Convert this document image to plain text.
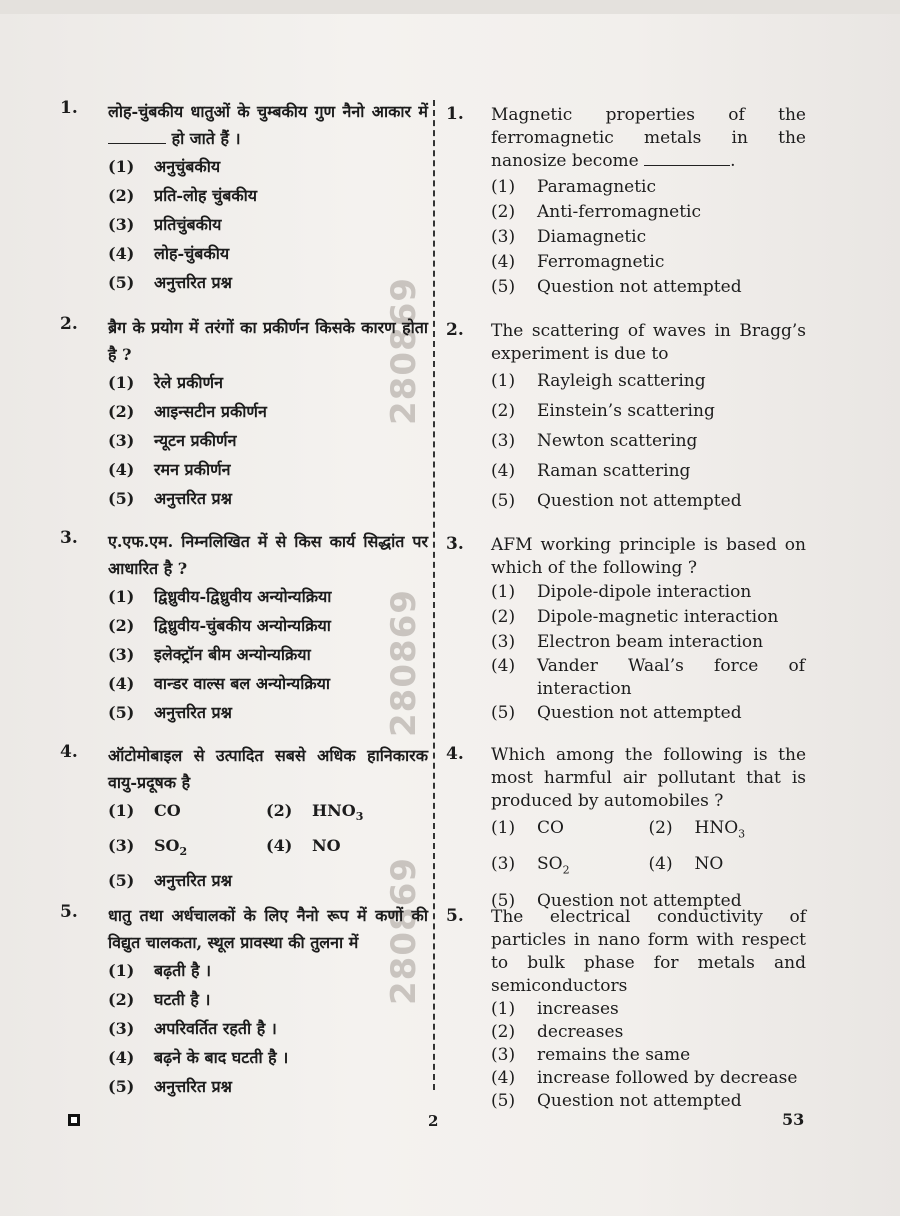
280869
280869
280869
1. लोह-चुंबकीय धातुओं के चुम्बकीय गुण नैनो आकार में  हो जाते हैं ।
(1)	अनुचुंबकीय
(2)	प्रति-लोह चुंबकीय
(3)	प्रतिचुंबकीय
(4)	लोह-चुंबकीय
(5)	अनुत्तरित प्रश्न
2. ब्रैग के प्रयोग में तरंगों का प्रकीर्णन किसके कारण होता है ?
(1)	रेले प्रकीर्णन
(2)	आइन्सटीन प्रकीर्णन
(3)	न्यूटन प्रकीर्णन
(4)	रमन प्रकीर्णन
(5)	अनुत्तरित प्रश्न
3. ए.एफ.एम. निम्नलिखित में से किस कार्य सिद्धांत पर आधारित है ?
(1)	द्विध्रुवीय-द्विध्रुवीय अन्योन्यक्रिया
(2)	द्विध्रुवीय-चुंबकीय अन्योन्यक्रिया
(3)	इलेक्ट्रॉन बीम अन्योन्यक्रिया
(4)	वान्डर वाल्स बल अन्योन्यक्रिया
(5)	अनुत्तरित प्रश्न
4. ऑटोमोबाइल से उत्पादित सबसे अधिक हानिकारक वायु-प्रदूषक है
(1)	CO	(2)	$HNO_3$
(3)	$SO_2$	(4)	NO
(5)	अनुत्तरित प्रश्न
5. धातु तथा अर्धचालकों के लिए नैनो रूप में कणों की विद्युत चालकता, स्थूल प्रावस्था की तुलना में
(1)	बढ़ती है ।
(2)	घटती है ।
(3)	अपरिवर्तित रहती है ।
(4)	बढ़ने के बाद घटती है ।
(5)	अनुत्तरित प्रश्न
1. Magnetic properties of the ferromagnetic metals in the nanosize become	.
(1)	Paramagnetic
(2)	Anti-ferromagnetic
(3)	Diamagnetic
(4)	Ferromagnetic
(5)	Question not attempted
2. The scattering of waves in Bragg’s experiment is due to
(1)	Rayleigh scattering
(2)	Einstein’s scattering
(3)	Newton scattering
(4)	Raman scattering
(5)	Question not attempted
3. AFM working principle is based on which of the following ?
(1)	Dipole-dipole interaction
(2)	Dipole-magnetic interaction
(3)	Electron beam interaction
(4)	Vander Waal’s force of interaction
(5)	Question not attempted
4. Which among the following is the most harmful air pollutant that is produced by automobiles ?
(1)	CO	(2)	$HNO_3$
(3)	$SO_2$	(4)	NO
(5)	Question not attempted
5. The electrical conductivity of particles in nano form with respect to bulk phase for metals and semiconductors
(1)	increases
(2)	decreases
(3)	remains the same
(4)	increase followed by decrease
(5)	Question not attempted
2	53
